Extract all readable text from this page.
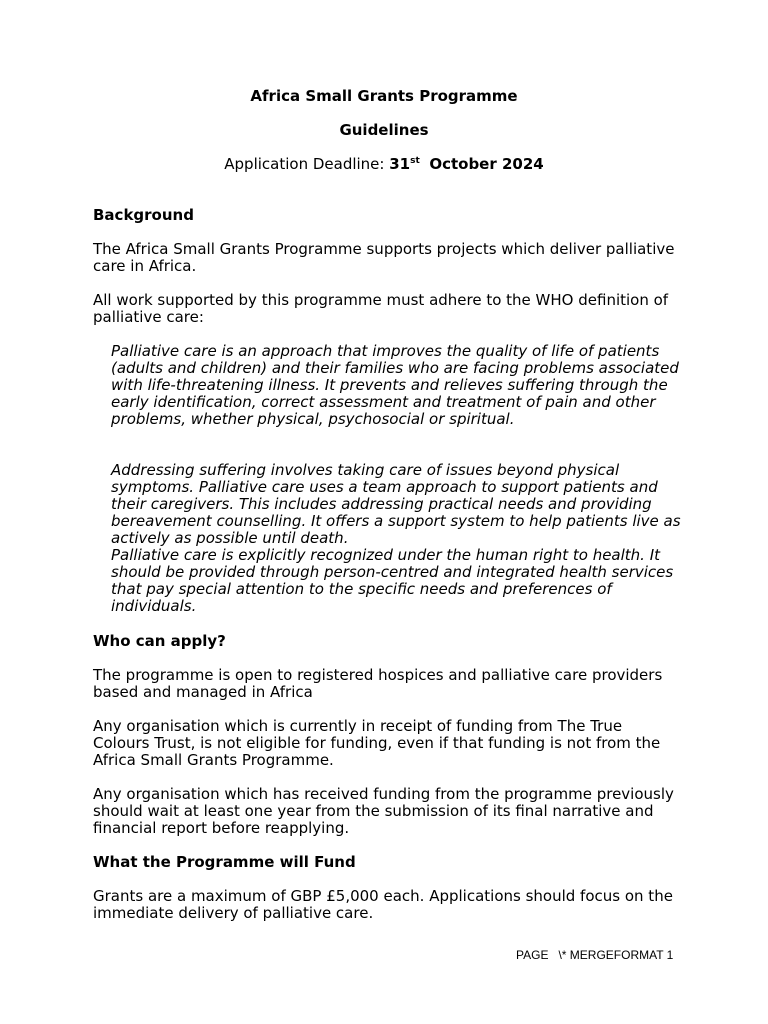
Africa Small Grants Programme
Guidelines
Application Deadline: 31st October 2024
Background

The Africa Small Grants Programme supports projects which deliver palliative care in Africa.

All work supported by this programme must adhere to the WHO definition of palliative care:

Palliative care is an approach that improves the quality of life of patients (adults and children) and their families who are facing problems associated with life-threatening illness. It prevents and relieves suffering through the early identification, correct assessment and treatment of pain and other problems, whether physical, psychosocial or spiritual.

Addressing suffering involves taking care of issues beyond physical symptoms. Palliative care uses a team approach to support patients and their caregivers. This includes addressing practical needs and providing bereavement counselling. It offers a support system to help patients live as actively as possible until death.

Palliative care is explicitly recognized under the human right to health. It should be provided through person-centred and integrated health services that pay special attention to the specific needs and preferences of individuals.

Who can apply?

The programme is open to registered hospices and palliative care providers based and managed in Africa

Any organisation which is currently in receipt of funding from The True Colours Trust, is not eligible for funding, even if that funding is not from the Africa Small Grants Programme.

Any organisation which has received funding from the programme previously should wait at least one year from the submission of its final narrative and financial report before reapplying.

What the Programme will Fund

Grants are a maximum of GBP £5,000 each. Applications should focus on the immediate delivery of palliative care.

PAGE   \* MERGEFORMAT 1
